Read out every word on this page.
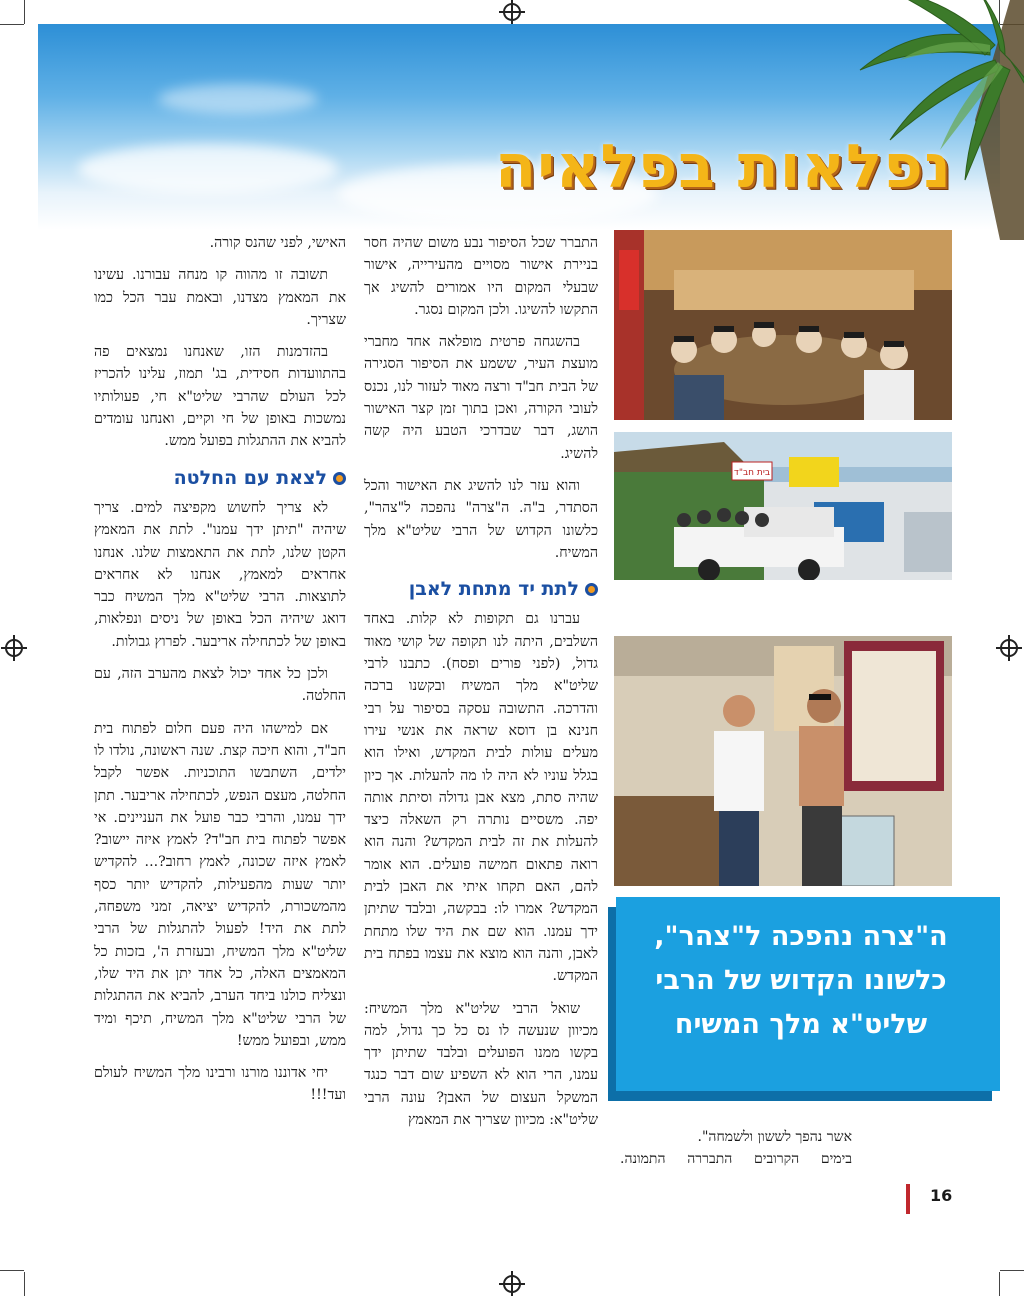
נפלאות בפלאיה
בית חב"ד

התברר שכל הסיפור נבע משום שהיה חסר בניירת אישור מסויים מהעירייה, אישור שבעלי המקום היו אמורים להשיג אך התקשו להשיגו. ולכן המקום נסגר.

בהשגחה פרטית מופלאה אחד מחברי מועצת העיר, ששמע את הסיפור הסגירה של הבית חב"ד ורצה מאוד לעזור לנו, נכנס לעובי הקורה, ואכן בתוך זמן קצר האישור הושג, דבר שבדרכי הטבע היה קשה להשיג.

והוא עזר לנו להשיג את האישור והכל הסתדר, ב"ה. ה"צרה" נהפכה ל"צהר", כלשונו הקדוש של הרבי שליט"א מלך המשיח.

לתת יד מתחת לאבן

עברנו גם תקופות לא קלות. באחד השלבים, היתה לנו תקופה של קושי מאוד גדול, (לפני פורים ופסח). כתבנו לרבי שליט"א מלך המשיח ובקשנו ברכה והדרכה. התשובה עסקה בסיפור על רבי חנינא בן דוסא שראה את אנשי עירו מעלים עולות לבית המקדש, ואילו הוא בגלל עוניו לא היה לו מה להעלות. אך כיון שהיה סתת, מצא אבן גדולה וסיתת אותה יפה. משסיים נותרה רק השאלה כיצד להעלות את זה לבית המקדש? והנה הוא רואה פתאום חמישה פועלים. הוא אומר להם, האם תקחו איתי את האבן לבית המקדש? אמרו לו: בבקשה, ובלבד שתיתן ידך עמנו. הוא שם את היד שלו מתחת לאבן, והנה הוא מוצא את עצמו בפתח בית המקדש.

שואל הרבי שליט"א מלך המשיח: מכיוון שנעשה לו נס כל כך גדול, למה בקשו ממנו הפועלים ובלבד שתיתן ידך עמנו, הרי הוא לא השפיע שום דבר כנגד המשקל העצום של האבן? עונה הרבי שליט"א: מכיוון שצריך את המאמץ

האישי, לפני שהנס קורה.

תשובה זו מהווה קו מנחה עבורנו. עשינו את המאמץ מצדנו, ובאמת עבר הכל כמו שצריך.

בהזדמנות הזו, שאנחנו נמצאים פה בהתוועדות חסידית, בג' תמוז, עלינו להכריז לכל העולם שהרבי שליט"א חי, פעולותיו נמשכות באופן של חי וקיים, ואנחנו עומדים להביא את ההתגלות בפועל ממש.

לצאת עם החלטה

לא צריך לחשוש מקפיצה למים. צריך שיהיה "תיתן ידך עמנו". לתת את המאמץ הקטן שלנו, לתת את התאמצות שלנו. אנחנו אחראים למאמץ, אנחנו לא אחראים לתוצאות. הרבי שליט"א מלך המשיח כבר דואג שיהיה הכל באופן של ניסים ונפלאות, באופן של לכתחילה אריבער. לפרוץ גבולות.

ולכן כל אחד יכול לצאת מהערב הזה, עם החלטה.

אם למישהו היה פעם חלום לפתוח בית חב"ד, והוא חיכה קצת. שנה ראשונה, נולדו לו ילדים, השתבשו התוכניות. אפשר לקבל החלטה, מעצם הנפש, לכתחילה אריבער. תתן ידך עמנו, והרבי כבר פועל את העניינים. אי אפשר לפתוח בית חב"ד? לאמץ איזה יישוב? לאמץ איזה שכונה, לאמץ רחוב?... להקדיש יותר שעות מהפעילות, להקדיש יותר כסף מהמשכורת, להקדיש יציאה, זמני משפחה, לתת את היד! לפעול להתגלות של הרבי שליט"א מלך המשיח, ובעזרת ה', בזכות כל המאמצים האלה, כל אחד יתן את היד שלו, ונצליח כולנו ביחד הערב, להביא את ההתגלות של הרבי שליט"א מלך המשיח, תיכף ומיד ממש, ובפועל ממש!

יחי אדוננו מורנו ורבינו מלך המשיח לעולם ועד!!!

ה"צרה נהפכה ל"צהר",
כלשונו הקדוש של הרבי
שליט"א מלך המשיח
אשר נהפך לששון ולשמחה".
בימים הקרובים התבררה התמונה.
16
